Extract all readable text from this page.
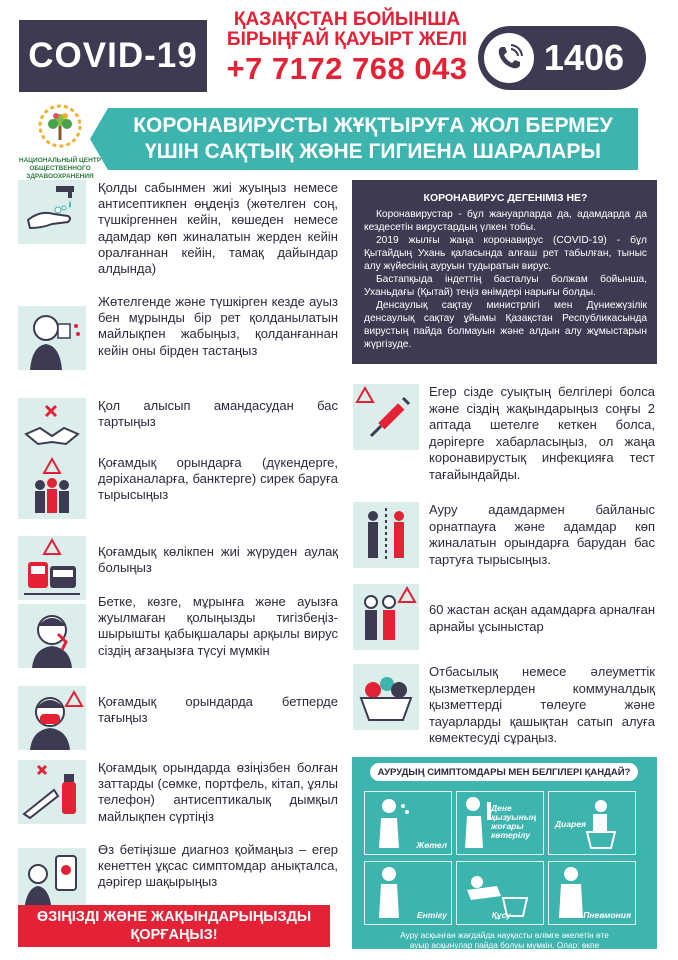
COVID-19
ҚАЗАҚСТАН БОЙЫНША
БІРЫҢҒАЙ ҚАУЫРТ ЖЕЛІ
+7 7172 768 043 1406
НАЦИОНАЛЬНЫЙ ЦЕНТР
ОБЩЕСТВЕННОГО
ЗДРАВООХРАНЕНИЯ
КОРОНАВИРУСТЫ ЖҰҚТЫРУҒА ЖОЛ БЕРМЕУ
ҮШІН САҚТЫҚ ЖӘНЕ ГИГИЕНА ШАРАЛАРЫ
Қолды сабынмен жиі жуыңыз немесе антисептикпен өңдеңіз (жөтелген соң, түшкіргеннен кейін, көшеден немесе адамдар көп жиналатын жерден кейін оралғаннан кейін, тамақ дайындар алдында)
Жөтелгенде және түшкірген кезде ауыз бен мұрынды бір рет қолданылатын майлықпен жабыңыз, қолданғаннан кейін оны бірден тастаңыз
Қол алысып амандасудан бас тартыңыз
Қоғамдық орындарға (дүкендерге, дәріханаларға, банктерге) сирек баруға тырысыңыз
Қоғамдық көлікпен жиі жүруден аулақ болыңыз
Бетке, көзге, мұрынға және ауызға жуылмаған қолыңызды тигізбеңіз-шырышты қабықшалары арқылы вирус сіздің ағзаңызға түсуі мүмкін
Қоғамдық орындарда бетперде тағыңыз
Қоғамдық орындарда өзіңізбен болған заттарды (сөмке, портфель, кітап, ұялы телефон) антисептикалық дымқыл майлықпен сүртіңіз
Өз бетіңізше диагноз қоймаңыз – егер кенеттен ұқсас симптомдар анықталса, дәрігер шақырыңыз
ӨЗІҢІЗДІ ЖӘНЕ ЖАҚЫНДАРЫҢЫЗДЫ
ҚОРҒАҢЫЗ!
КОРОНАВИРУС ДЕГЕНІМІЗ НЕ?

Коронавирустар - бұл жануарларда да, адамдарда да кездесетін вирустардың үлкен тобы.

2019 жылғы жаңа коронавирус (COVID-19) - бұл Қытайдың Ухань қаласында алғаш рет табылған, тыныс алу жүйесінің ауруын тудыратын вирус.

Бастапқыда індеттің басталуы болжам бойынша, Уханьдағы (Қытай) теңіз өнімдері нарығы болды.

Денсаулық сақтау министрлігі мен Дүниежүзілік денсаулық сақтау ұйымы Қазақстан Республикасында вирустың пайда болмауын және алдын алу жұмыстарын жүргізуде.

Егер сізде суықтың белгілері болса және сіздің жақындарыңыз соңғы 2 аптада шетелге кеткен болса, дәрігерге хабарласыңыз, ол жаңа коронавирустық инфекцияға тест тағайындайды.
Ауру адамдармен байланыс орнатпауға және адамдар көп жиналатын орындарға барудан бас тартуға тырысыңыз.
60 жастан асқан адамдарға арналған арнайы ұсыныстар
Отбасылық немесе әлеуметтік қызметкерлерден коммуналдық қызметтерді төлеуге және тауарларды қашықтан сатып алуға көмектесуді сұраңыз.
АУРУДЫҢ СИМПТОМДАРЫ МЕН БЕЛГІЛЕРІ ҚАНДАЙ?
Жөтел
Дене қызуының жоғары көтерілу
Диарея
Ентігу	Құсу	Пневмония
Ауру асқынған жағдайда науқасты өлімге әкелетін өте
ауыр асқынулар пайда болуы мүмкін. Олар: өкпе
жеткіліксіздігі және бүйрек жеткіліксіздігі.
